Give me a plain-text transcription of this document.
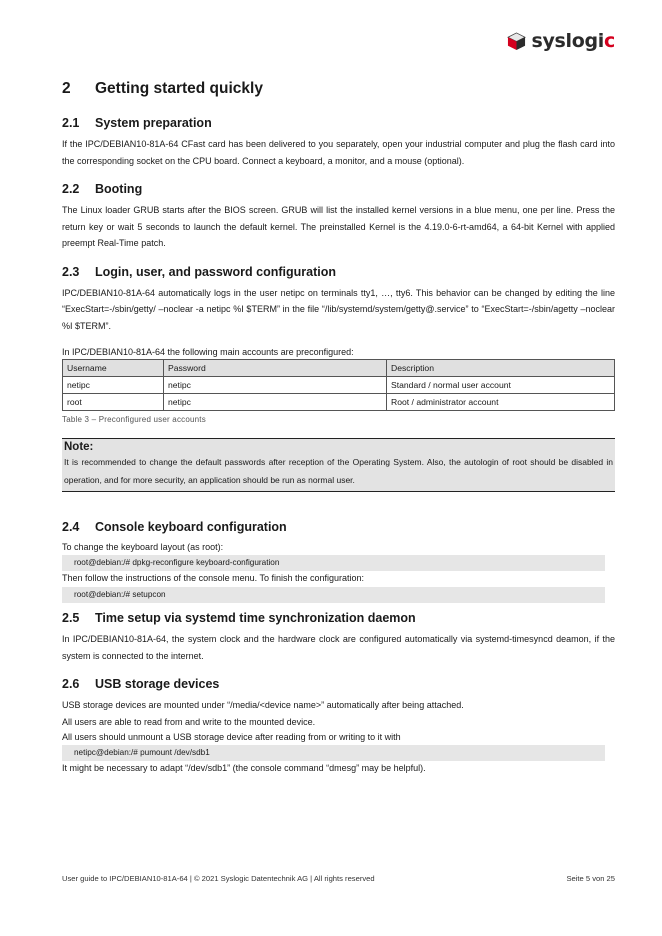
syslogic
2	Getting started quickly
2.1	System preparation

If the IPC/DEBIAN10-81A-64 CFast card has been delivered to you separately, open your industrial computer and plug the flash card into the corresponding socket on the CPU board. Connect a keyboard, a monitor, and a mouse (optional).

2.2	Booting

The Linux loader GRUB starts after the BIOS screen. GRUB will list the installed kernel versions in a blue menu, one per line. Press the return key or wait 5 seconds to launch the default kernel. The preinstalled Kernel is the 4.19.0-6-rt-amd64, a 64-bit Kernel with applied preempt Real-Time patch.

2.3	Login, user, and password configuration

IPC/DEBIAN10-81A-64 automatically logs in the user netipc on terminals tty1, …, tty6. This behavior can be changed by editing the line “ExecStart=-/sbin/getty/ –noclear -a netipc %I $TERM” in the file “/lib/systemd/system/getty@.service” to “ExecStart=-/sbin/agetty –noclear %I $TERM”.

In IPC/DEBIAN10-81A-64 the following main accounts are preconfigured:

Username	Password	Description
netipc	netipc	Standard / normal user account
root	netipc	Root / administrator account
Table 3 – Preconfigured user accounts
Note:

It is recommended to change the default passwords after reception of the Operating System. Also, the autologin of root should be disabled in operation, and for more security, an application should be run as normal user.

2.4	Console keyboard configuration

To change the keyboard layout (as root):

root@debian:/# dpkg-reconfigure keyboard-configuration

Then follow the instructions of the console menu. To finish the configuration:

root@debian:/# setupcon
2.5	Time setup via systemd time synchronization daemon

In IPC/DEBIAN10-81A-64, the system clock and the hardware clock are configured automatically via systemd-timesyncd deamon, if the system is connected to the internet.

2.6	USB storage devices

USB storage devices are mounted under “/media/<device name>” automatically after being attached.

All users are able to read from and write to the mounted device.

All users should unmount a USB storage device after reading from or writing to it with

netipc@debian:/# pumount /dev/sdb1

It might be necessary to adapt “/dev/sdb1” (the console command “dmesg” may be helpful).

User guide to IPC/DEBIAN10-81A-64 | © 2021 Syslogic Datentechnik AG | All rights reserved	Seite 5 von 25
